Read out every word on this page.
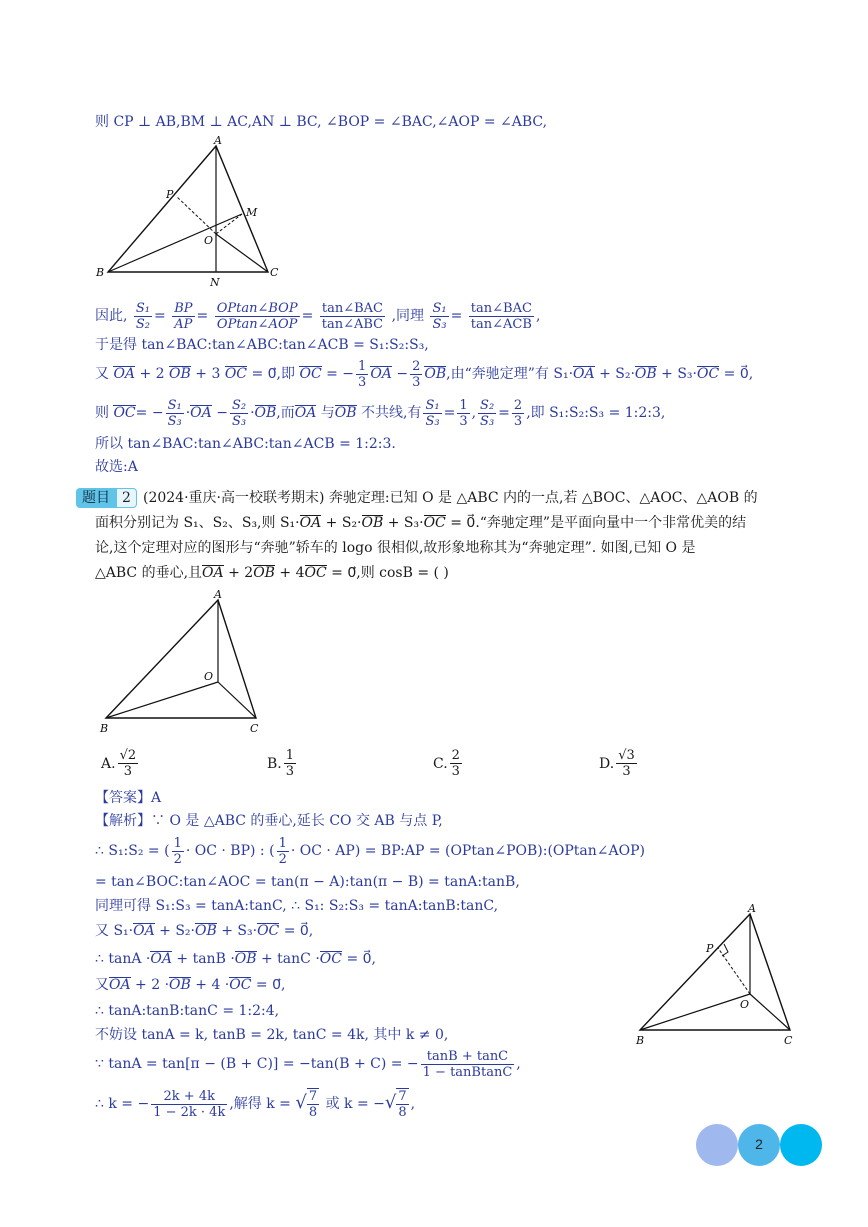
则 CP ⊥ AB,BM ⊥ AC,AN ⊥ BC, ∠BOP = ∠BAC,∠AOP = ∠ABC,
A
P
M
O
B	C
N
因此, $\frac{\text{S₁}}{\text{S₂}} = \frac{BP}{AP} = \frac{\text{OPtan∠BOP}}{\text{OPtan∠AOP}} = \frac{\text{tan∠BAC}}{\text{tan∠ABC}}$ ,同理 $\frac{\text{S₁}}{\text{S₃}} = \frac{\text{tan∠BAC}}{\text{tan∠ACB}}$ ,
于是得 tan∠BAC:tan∠ABC:tan∠ACB = S₁:S₂:S₃,
又 OA + 2 OB + 3 OC = 0⃗,即 OC = − $\frac{1}{3}$ OA − $\frac{2}{3}$ OB,由“奔驰定理”有 S₁·OA + S₂·OB + S₃·OC = 0⃗,
则 $OC= - \frac{\text{S₁}}{\text{S₃}} \cdot OA - \frac{\text{S₂}}{\text{S₃}} \cdot OB$,而OA 与OB 不共线,有 $\frac{\text{S₁}}{\text{S₃}} = \frac{1}{3}$ , $\frac{\text{S₂}}{\text{S₃}} = \frac{2}{3}$ ,即 S₁:S₂:S₃ = 1:2:3,
所以 tan∠BAC:tan∠ABC:tan∠ACB = 1:2:3.
故选:A
题目 2 (2024·重庆·高一校联考期末) 奔驰定理:已知 O 是 △ABC 内的一点,若 △BOC、△AOC、△AOB 的
面积分别记为 S₁、S₂、S₃,则 S₁·OA + S₂·OB + S₃·OC = 0⃗.“奔驰定理”是平面向量中一个非常优美的结
论,这个定理对应的图形与“奔驰”轿车的 logo 很相似,故形象地称其为“奔驰定理”. 如图,已知 O 是
△ABC 的垂心,且OA + 2OB + 4OC = 0⃗,则 cosB = ( )
A
O
B	C
A. $\frac{√2}{3}$	B. $\frac{1}{3}$	C. $\frac{2}{3}$	D. $\frac{√3}{3}$
【答案】A
【解析】∵ O 是 △ABC 的垂心,延长 CO 交 AB 与点 P,
∴ S₁:S₂ = ( $\frac{1}{2}$ · OC · BP) : ( $\frac{1}{2}$ · OC · AP) = BP:AP = (OPtan∠POB):(OPtan∠AOP)
= tan∠BOC:tan∠AOC = tan(π − A):tan(π − B) = tanA:tanB,
同理可得 S₁:S₃ = tanA:tanC, ∴ S₁: S₂:S₃ = tanA:tanB:tanC,
又 S₁·OA + S₂·OB + S₃·OC = 0⃗,
∴ tanA ·OA + tanB ·OB + tanC ·OC = 0⃗,
又OA + 2 ·OB + 4 ·OC = 0⃗,
∴ tanA:tanB:tanC = 1:2:4,
不妨设 tanA = k, tanB = 2k, tanC = 4k, 其中 k ≠ 0,
∵ tanA = tan[π − (B + C)] = −tan(B + C) = − $\frac{\tan B + \tan C}{\text{1 − tanBtanC}}$ ,
∴ k = − $\frac{2k + 4k}{1 - 2k \cdot 4k}$ ,解得 k = √ $\frac{7}{8}$ 或 k = −√ $\frac{7}{8}$ ,
A
P
O
B	C
2
